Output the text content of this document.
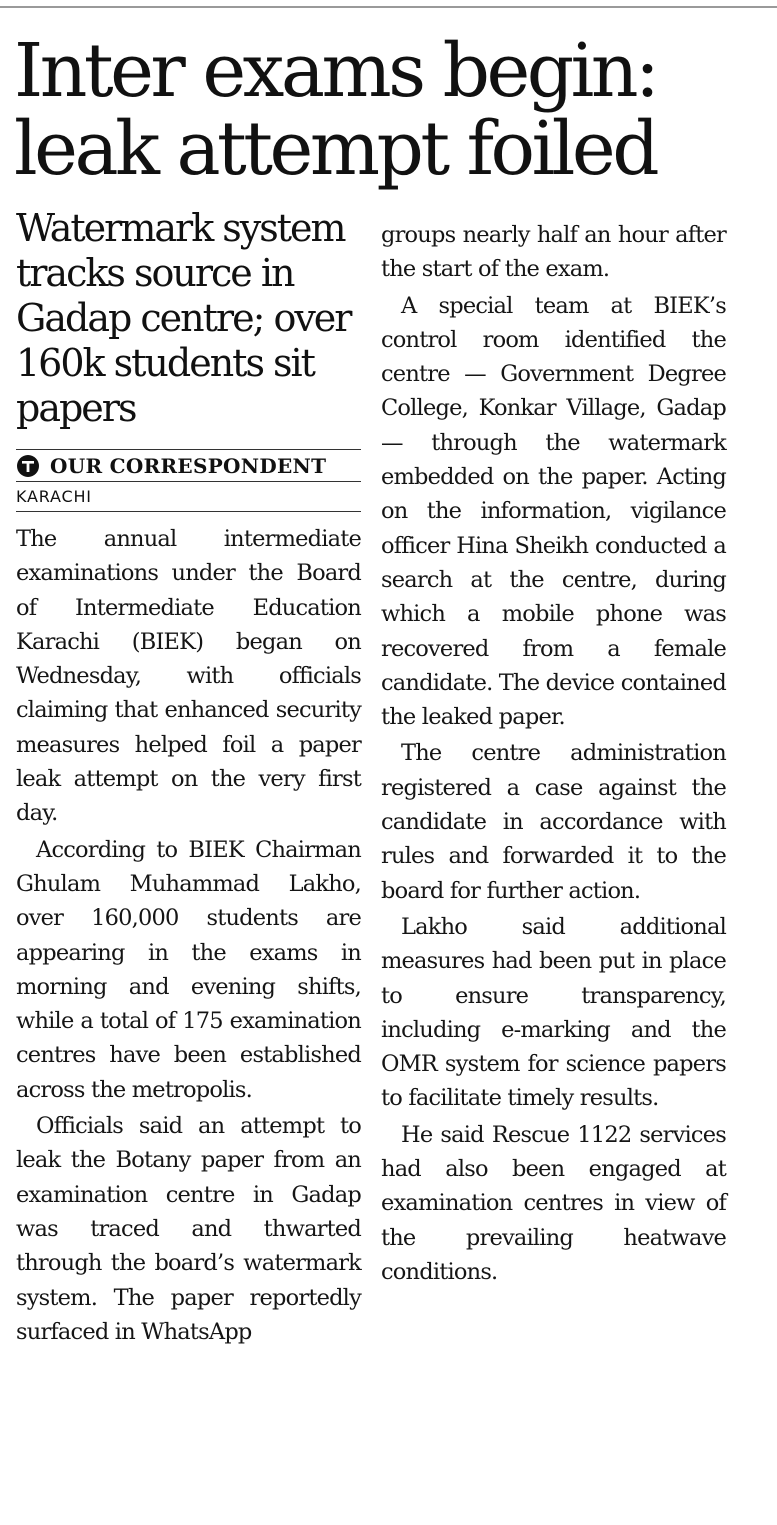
Inter exams begin: leak attempt foiled
Watermark system tracks source in Gadap centre; over 160k students sit papers
OUR CORRESPONDENT
KARACHI

The annual intermediate examinations under the Board of Intermediate Education Karachi (BIEK) began on Wednesday, with officials claiming that enhanced security measures helped foil a paper leak attempt on the very first day.

According to BIEK Chairman Ghulam Muhammad Lakho, over 160,000 students are appearing in the exams in morning and evening shifts, while a total of 175 examination centres have been established across the metropolis.

Officials said an attempt to leak the Botany paper from an examination centre in Gadap was traced and thwarted through the board’s watermark system. The paper reportedly surfaced in WhatsApp

groups nearly half an hour after the start of the exam.

A special team at BIEK’s control room identified the centre — Government Degree College, Konkar Village, Gadap — through the watermark embedded on the paper. Acting on the information, vigilance officer Hina Sheikh conducted a search at the centre, during which a mobile phone was recovered from a female candidate. The device contained the leaked paper.

The centre administration registered a case against the candidate in accordance with rules and forwarded it to the board for further action.

Lakho said additional measures had been put in place to ensure transparency, including e-marking and the OMR system for science papers to facilitate timely results.

He said Rescue 1122 services had also been engaged at examination centres in view of the prevailing heatwave conditions.
